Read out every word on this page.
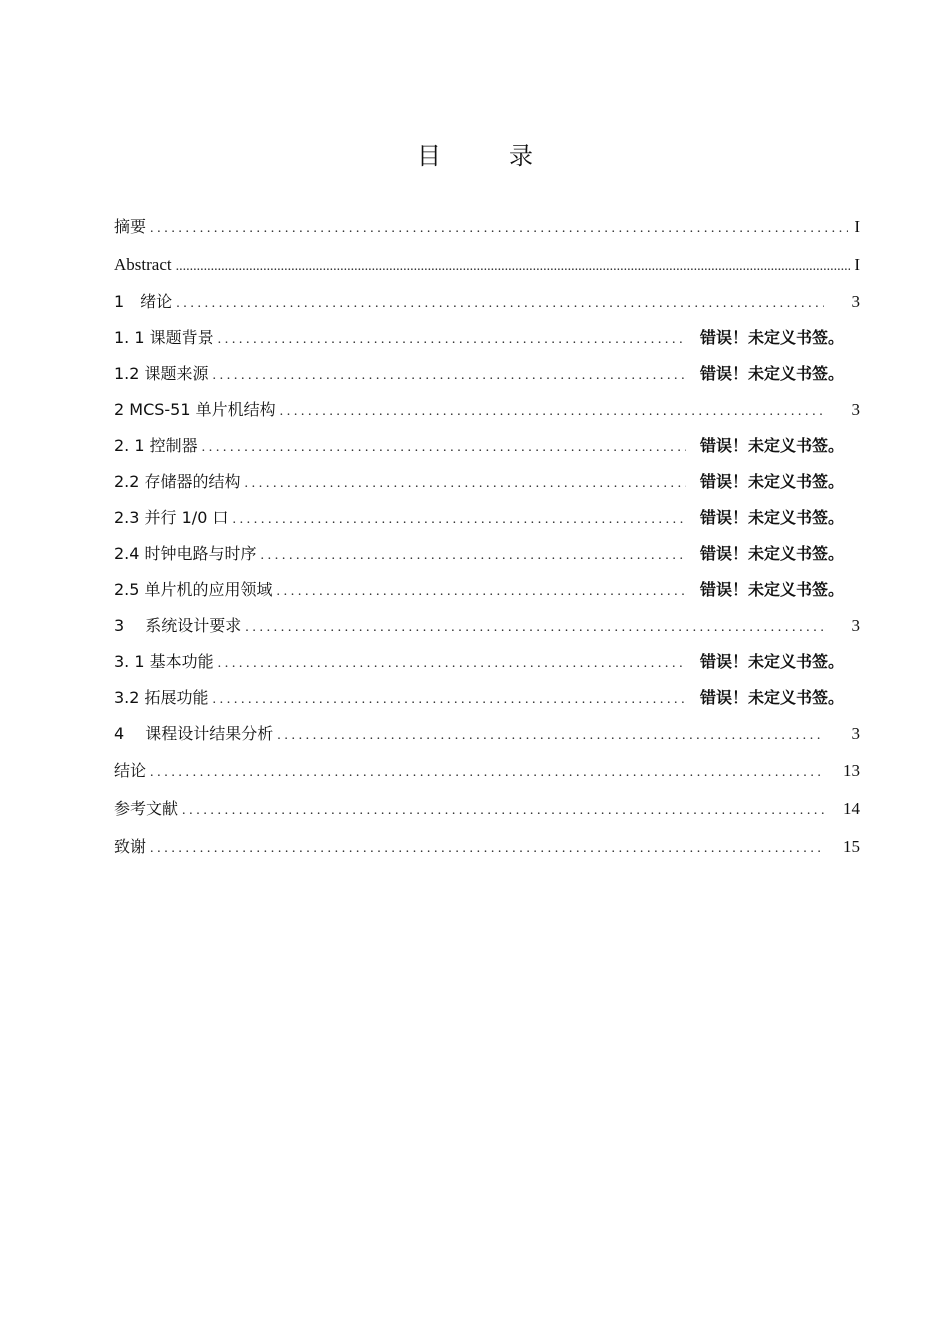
目　录
摘要 .....	I
Abstract .....	I
1　绪论 .....	3
1. 1 课题背景 .....	错误！未定义书签。
1.2 课题来源 .....	错误！未定义书签。
2 MCS-51 单片机结构 .....	3
2. 1 控制器 .....	错误！未定义书签。
2.2 存储器的结构 .....	错误！未定义书签。
2.3 并行 1/0 口 .....	错误！未定义书签。
2.4 时钟电路与时序 .....	错误！未定义书签。
2.5 单片机的应用领域 .....	错误！未定义书签。
3　 系统设计要求 .....	3
3. 1 基本功能 .....	错误！未定义书签。
3.2 拓展功能 .....	错误！未定义书签。
4　 课程设计结果分析 .....	3
结论 .....	13
参考文献 .....	14
致谢 .....	15
